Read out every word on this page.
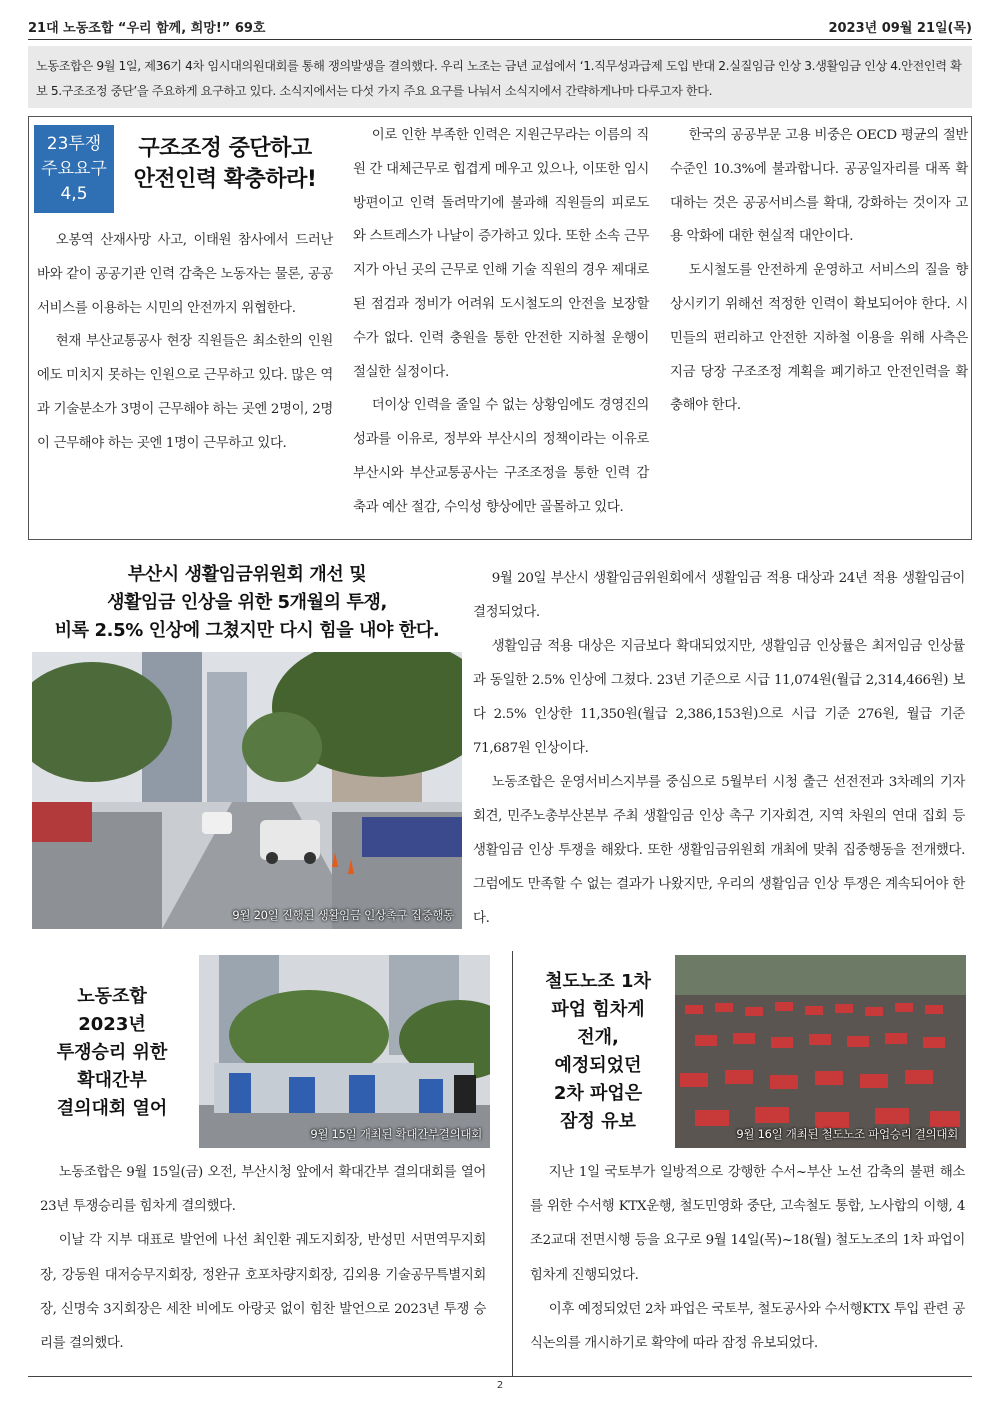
21대 노동조합 “우리 함께, 희망!” 69호	2023년 09월 21일(목)
노동조합은 9월 1일, 제36기 4차 임시대의원대회를 통해 쟁의발생을 결의했다. 우리 노조는 금년 교섭에서 ‘1.직무성과급제 도입 반대 2.실질임금 인상 3.생활임금 인상 4.안전인력 확보 5.구조조정 중단’을 주요하게 요구하고 있다. 소식지에서는 다섯 가지 주요 요구를 나눠서 소식지에서 간략하게나마 다루고자 한다.
23투쟁
주요요구
4,5
구조조정 중단하고
안전인력 확충하라!

오봉역 산재사망 사고, 이태원 참사에서 드러난 바와 같이 공공기관 인력 감축은 노동자는 물론, 공공서비스를 이용하는 시민의 안전까지 위협한다.

현재 부산교통공사 현장 직원들은 최소한의 인원에도 미치지 못하는 인원으로 근무하고 있다. 많은 역과 기술분소가 3명이 근무해야 하는 곳엔 2명이, 2명이 근무해야 하는 곳엔 1명이 근무하고 있다.

이로 인한 부족한 인력은 지원근무라는 이름의 직원 간 대체근무로 힙겹게 메우고 있으나, 이또한 임시방편이고 인력 돌려막기에 불과해 직원들의 피로도와 스트레스가 나날이 증가하고 있다. 또한 소속 근무지가 아닌 곳의 근무로 인해 기술 직원의 경우 제대로 된 점검과 정비가 어려워 도시철도의 안전을 보장할 수가 없다. 인력 충원을 통한 안전한 지하철 운행이 절실한 실정이다.

더이상 인력을 줄일 수 없는 상황임에도 경영진의 성과를 이유로, 정부와 부산시의 정책이라는 이유로 부산시와 부산교통공사는 구조조정을 통한 인력 감축과 예산 절감, 수익성 향상에만 골몰하고 있다.

한국의 공공부문 고용 비중은 OECD 평균의 절반 수준인 10.3%에 불과합니다. 공공일자리를 대폭 확대하는 것은 공공서비스를 확대, 강화하는 것이자 고용 악화에 대한 현실적 대안이다.

도시철도를 안전하게 운영하고 서비스의 질을 향상시키기 위해선 적정한 인력이 확보되어야 한다. 시민들의 편리하고 안전한 지하철 이용을 위해 사측은 지금 당장 구조조정 계획을 폐기하고 안전인력을 확충해야 한다.

부산시 생활임금위원회 개선 및
생활임금 인상을 위한 5개월의 투쟁,
비록 2.5% 인상에 그쳤지만 다시 힘을 내야 한다.
9월 20일 진행된 생활임금 인상촉구 집중행동

9월 20일 부산시 생활임금위원회에서 생활임금 적용 대상과 24년 적용 생활임금이 결정되었다.

생활임금 적용 대상은 지금보다 확대되었지만, 생활임금 인상률은 최저임금 인상률과 동일한 2.5% 인상에 그쳤다. 23년 기준으로 시급 11,074원(월급 2,314,466원) 보다 2.5% 인상한 11,350원(월급 2,386,153원)으로 시급 기준 276원, 월급 기준 71,687원 인상이다.

노동조합은 운영서비스지부를 중심으로 5월부터 시청 출근 선전전과 3차례의 기자회견, 민주노총부산본부 주최 생활임금 인상 촉구 기자회견, 지역 차원의 연대 집회 등 생활임금 인상 투쟁을 해왔다. 또한 생활임금위원회 개최에 맞춰 집중행동을 전개했다. 그럼에도 만족할 수 없는 결과가 나왔지만, 우리의 생활임금 인상 투쟁은 계속되어야 한다.

노동조합
2023년
투쟁승리 위한
확대간부
결의대회 열어
9월 15일 개최된 확대간부결의대회

노동조합은 9월 15일(금) 오전, 부산시청 앞에서 확대간부 결의대회를 열어 23년 투쟁승리를 힘차게 결의했다.

이날 각 지부 대표로 발언에 나선 최인환 궤도지회장, 반성민 서면역무지회장, 강동원 대저승무지회장, 정완규 호포차량지회장, 김외용 기술공무특별지회장, 신명숙 3지회장은 세찬 비에도 아랑곳 없이 힘찬 발언으로 2023년 투쟁 승리를 결의했다.

철도노조 1차
파업 힘차게
전개,
예정되었던
2차 파업은
잠정 유보
9월 16일 개최된 철도노조 파업승리 결의대회

지난 1일 국토부가 일방적으로 강행한 수서~부산 노선 감축의 불편 해소를 위한 수서행 KTX운행, 철도민영화 중단, 고속철도 통합, 노사합의 이행, 4조2교대 전면시행 등을 요구로 9월 14일(목)~18(월) 철도노조의 1차 파업이 힘차게 진행되었다.

이후 예정되었던 2차 파업은 국토부, 철도공사와 수서행KTX 투입 관련 공식논의를 개시하기로 확약에 따라 잠정 유보되었다.

2
